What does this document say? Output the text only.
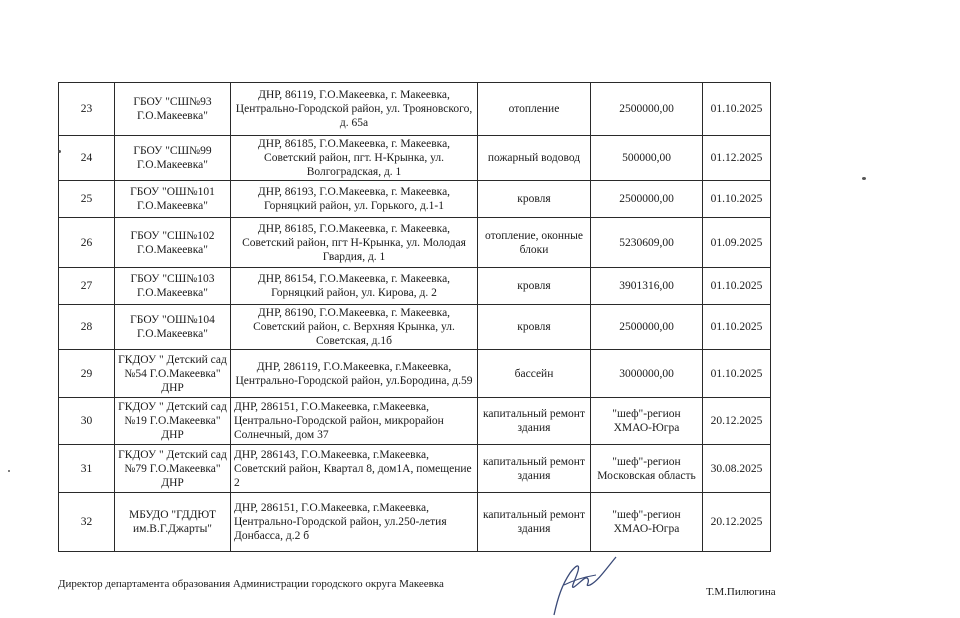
23	ГБОУ "СШ№93 Г.О.Макеевка"	ДНР, 86119, Г.О.Макеевка, г. Макеевка, Центрально-Городской район, ул. Трояновского, д. 65а	отопление	2500000,00	01.10.2025
24	ГБОУ "СШ№99 Г.О.Макеевка"	ДНР, 86185, Г.О.Макеевка, г. Макеевка, Советский район, пгт. Н-Крынка, ул. Волгоградская, д. 1	пожарный водовод	500000,00	01.12.2025
25	ГБОУ "ОШ№101 Г.О.Макеевка"	ДНР, 86193, Г.О.Макеевка, г. Макеевка, Горняцкий район, ул. Горького, д.1-1	кровля	2500000,00	01.10.2025
26	ГБОУ "СШ№102 Г.О.Макеевка"	ДНР, 86185, Г.О.Макеевка, г. Макеевка, Советский район, пгт Н-Крынка, ул. Молодая Гвардия, д. 1	отопление, оконные блоки	5230609,00	01.09.2025
27	ГБОУ "СШ№103 Г.О.Макеевка"	ДНР, 86154, Г.О.Макеевка, г. Макеевка, Горняцкий район, ул. Кирова, д. 2	кровля	3901316,00	01.10.2025
28	ГБОУ "ОШ№104 Г.О.Макеевка"	ДНР, 86190, Г.О.Макеевка, г. Макеевка, Советский район, с. Верхняя Крынка, ул. Советская, д.1б	кровля	2500000,00	01.10.2025
29	ГКДОУ " Детский сад №54 Г.О.Макеевка" ДНР	ДНР, 286119, Г.О.Макеевка, г.Макеевка, Центрально-Городской район, ул.Бородина, д.59	бассейн	3000000,00	01.10.2025
30	ГКДОУ " Детский сад №19 Г.О.Макеевка" ДНР	ДНР, 286151, Г.О.Макеевка, г.Макеевка, Центрально-Городской район, микрорайон Солнечный, дом 37	капитальный ремонт здания	"шеф"-регион ХМАО-Югра	20.12.2025
31	ГКДОУ " Детский сад №79 Г.О.Макеевка" ДНР	ДНР, 286143, Г.О.Макеевка, г.Макеевка, Советский район, Квартал 8, дом1А, помещение 2	капитальный ремонт здания	"шеф"-регион Московская область	30.08.2025
32	МБУДО "ГДДЮТ им.В.Г.Джарты"	ДНР, 286151, Г.О.Макеевка, г.Макеевка, Центрально-Городской район, ул.250-летия Донбасса, д.2 б	капитальный ремонт здания	"шеф"-регион ХМАО-Югра	20.12.2025
Директор департамента образования Администрации городского округа Макеевка
Т.М.Пилюгина
